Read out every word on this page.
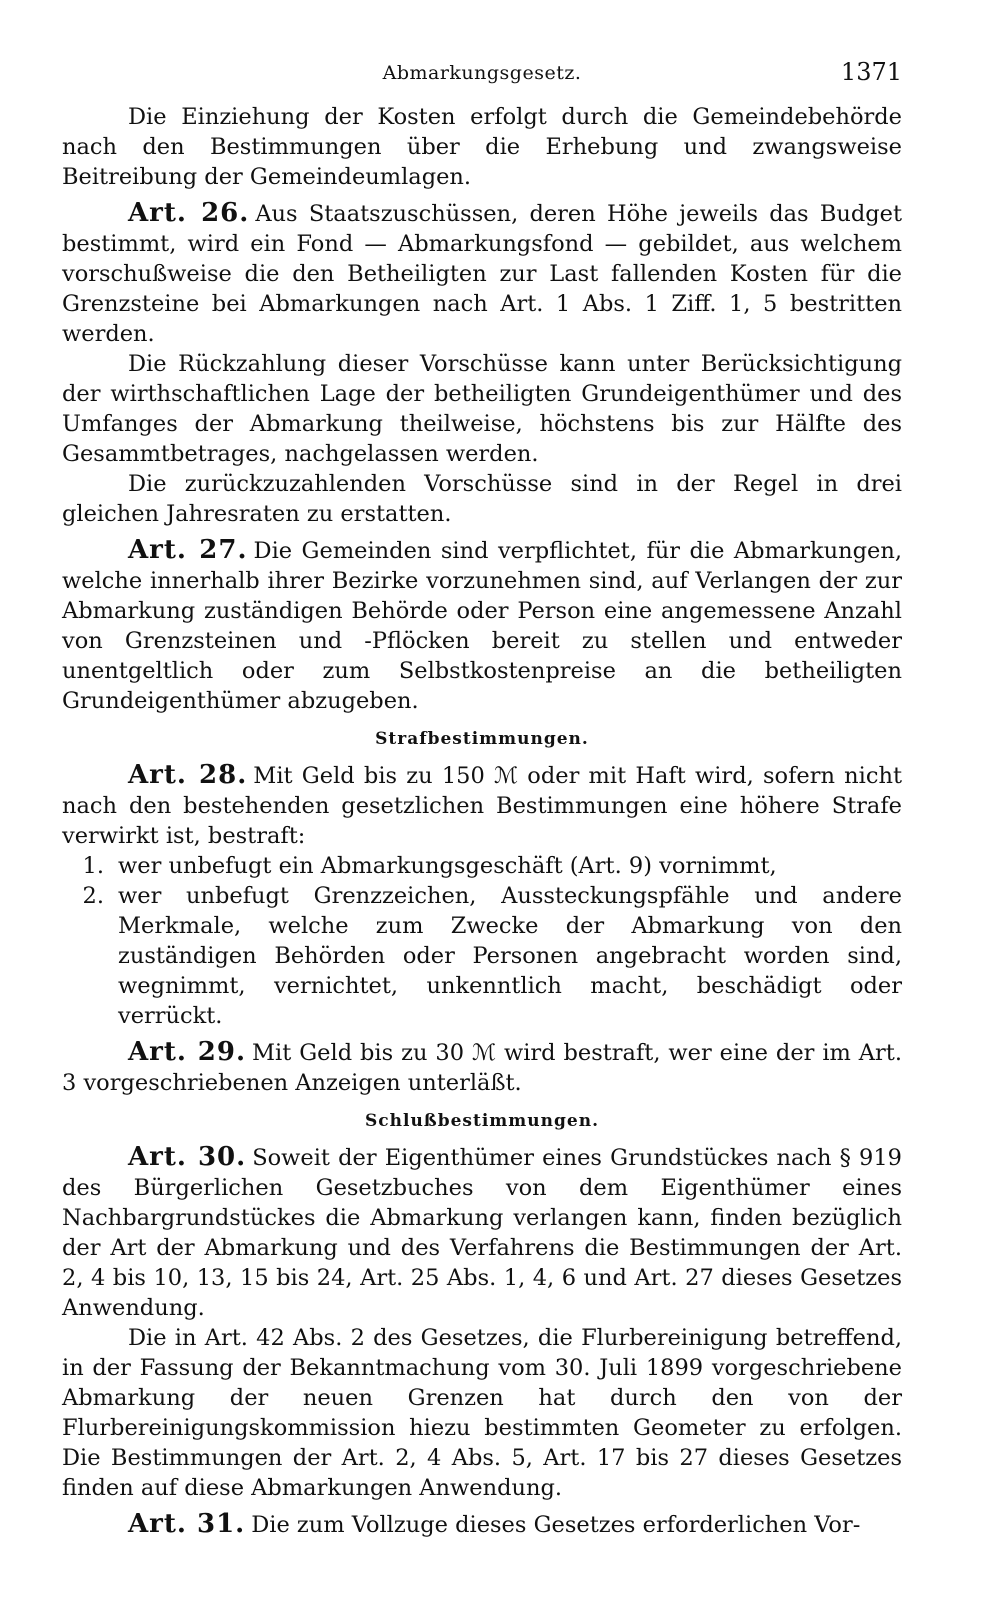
Abmarkungsgesetz.	1371

Die Einziehung der Kosten erfolgt durch die Gemeindebehörde nach den Bestimmungen über die Erhebung und zwangsweise Beitreibung der Gemeindeumlagen.

Art. 26. Aus Staatszuschüssen, deren Höhe jeweils das Budget bestimmt, wird ein Fond — Abmarkungsfond — gebildet, aus welchem vorschußweise die den Betheiligten zur Last fallenden Kosten für die Grenzsteine bei Abmarkungen nach Art. 1 Abs. 1 Ziff. 1, 5 bestritten werden.

Die Rückzahlung dieser Vorschüsse kann unter Berücksichtigung der wirthschaftlichen Lage der betheiligten Grundeigenthümer und des Umfanges der Abmarkung theilweise, höchstens bis zur Hälfte des Gesammtbetrages, nachgelassen werden.

Die zurückzuzahlenden Vorschüsse sind in der Regel in drei gleichen Jahresraten zu erstatten.

Art. 27. Die Gemeinden sind verpflichtet, für die Abmarkungen, welche innerhalb ihrer Bezirke vorzunehmen sind, auf Verlangen der zur Abmarkung zuständigen Behörde oder Person eine angemessene Anzahl von Grenzsteinen und -Pflöcken bereit zu stellen und entweder unentgeltlich oder zum Selbstkostenpreise an die betheiligten Grundeigenthümer abzugeben.

Strafbestimmungen.

Art. 28. Mit Geld bis zu 150 ℳ oder mit Haft wird, sofern nicht nach den bestehenden gesetzlichen Bestimmungen eine höhere Strafe verwirkt ist, bestraft:

1. wer unbefugt ein Abmarkungsgeschäft (Art. 9) vornimmt,
2. wer unbefugt Grenzzeichen, Aussteckungspfähle und andere Merkmale, welche zum Zwecke der Abmarkung von den zuständigen Behörden oder Personen angebracht worden sind, wegnimmt, vernichtet, unkenntlich macht, beschädigt oder verrückt.

Art. 29. Mit Geld bis zu 30 ℳ wird bestraft, wer eine der im Art. 3 vorgeschriebenen Anzeigen unterläßt.

Schlußbestimmungen.

Art. 30. Soweit der Eigenthümer eines Grundstückes nach § 919 des Bürgerlichen Gesetzbuches von dem Eigenthümer eines Nachbargrundstückes die Abmarkung verlangen kann, finden bezüglich der Art der Abmarkung und des Verfahrens die Bestimmungen der Art. 2, 4 bis 10, 13, 15 bis 24, Art. 25 Abs. 1, 4, 6 und Art. 27 dieses Gesetzes Anwendung.

Die in Art. 42 Abs. 2 des Gesetzes, die Flurbereinigung betreffend, in der Fassung der Bekanntmachung vom 30. Juli 1899 vorgeschriebene Abmarkung der neuen Grenzen hat durch den von der Flurbereinigungskommission hiezu bestimmten Geometer zu erfolgen. Die Bestimmungen der Art. 2, 4 Abs. 5, Art. 17 bis 27 dieses Gesetzes finden auf diese Abmarkungen Anwendung.

Art. 31. Die zum Vollzuge dieses Gesetzes erforderlichen Vor-
